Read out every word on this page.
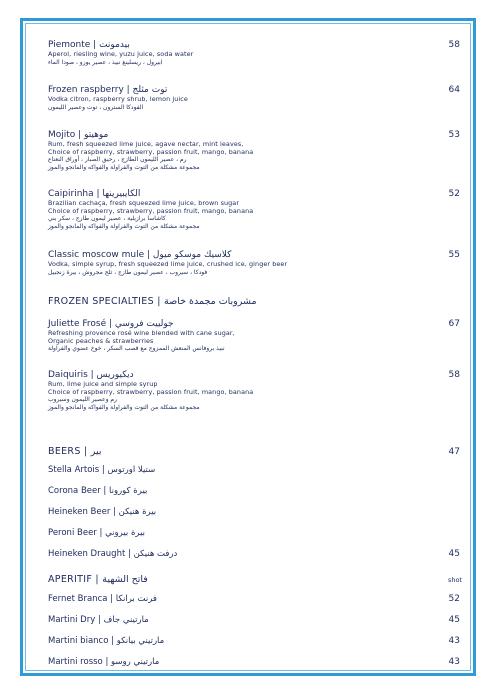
Piemonte | بيدمونت	58
Aperol, riesling wine, yuzu juice, soda water
ابيرول ، ريسلينغ نبيذ ، عصير يوزو ، صودا الماء
Frozen raspberry | توت مثلج	64
Vodka citron, raspberry shrub, lemon juice
الفودكا السترون ، توت وعصير الليمون
Mojito | موهيتو	53
Rum, fresh squeezed lime juice, agave nectar, mint leaves,
Choice of raspberry, strawberry, passion fruit, mango, banana
رم ، عصير الليمون الطازج ، رحيق الصبار ، أوراق النعناع
مجموعة مشكلة من التوت والفراولة والفواكه والمانجو والموز
Caipirinha | الكايبيرينها	52
Brazilian cachaça, fresh squeezed lime juice, brown sugar
Choice of raspberry, strawberry, passion fruit, mango, banana
كاشاسا برازيلية ، عصير ليمون طازج ، سكر بني
مجموعة مشكلة من التوت والفراولة والفواكه والمانجو والموز
Classic moscow mule | كلاسيك موسكو ميول	55
Vodka, simple syrup, fresh squeezed lime juice, crushed ice, ginger beer
فودكا ، سيروب ، عصير ليمون طازج ، ثلج مجروش ، بيرة زنجبيل
FROZEN SPECIALTIES | مشروبات مجمدة خاصة
Juliette Frosé | جولييت فروسي	67
Refreshing provence rosé wine blended with cane sugar,
Organic peaches & strawberries
نبيذ بروفانس المنعش الممزوج مع قصب السكر ، خوخ عضوي والفراولة
Daiquiris | ديكيوريس	58
Rum, lime juice and simple syrup
Choice of raspberry, strawberry, passion fruit, mango, banana
رم وعصير الليمون وسيروب
مجموعة مشكلة من التوت والفراولة والفواكه والمانجو والموز
BEERS | بير	47
Stella Artois | ستيلا اورتوس
Corona Beer | بيرة كورونا
Heineken Beer | بيرة هنيكن
Peroni Beer | بيرة بيروني
Heineken Draught | درفت هنيكن	45
APERITIF | فاتح الشهية	shot
Fernet Branca | فرنت برانكا	52
Martini Dry | مارتيني جاف	45
Martini bianco | مارتيني بيانكو	43
Martini rosso | مارتيني روسو	43
